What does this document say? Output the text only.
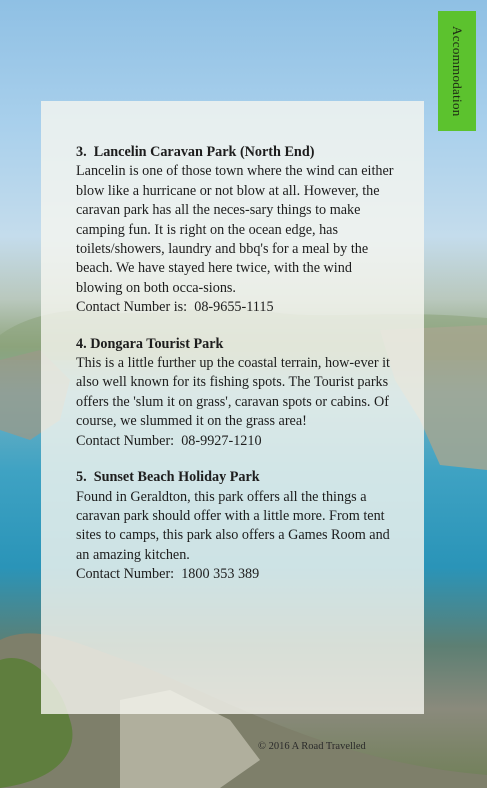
Accommodation

3. Lancelin Caravan Park (North End)

Lancelin is one of those town where the wind can either blow like a hurricane or not blow at all. However, the caravan park has all the neces-sary things to make camping fun. It is right on the ocean edge, has toilets/showers, laundry and bbq's for a meal by the beach. We have stayed here twice, with the wind blowing on both occa-sions.

Contact Number is: 08-9655-1115

4. Dongara Tourist Park

This is a little further up the coastal terrain, how-ever it also well known for its fishing spots. The Tourist parks offers the 'slum it on grass', caravan spots or cabins. Of course, we slummed it on the grass area!

Contact Number: 08-9927-1210

5. Sunset Beach Holiday Park

Found in Geraldton, this park offers all the things a caravan park should offer with a little more. From tent sites to camps, this park also offers a Games Room and an amazing kitchen.

Contact Number: 1800 353 389

© 2016 A Road Travelled
